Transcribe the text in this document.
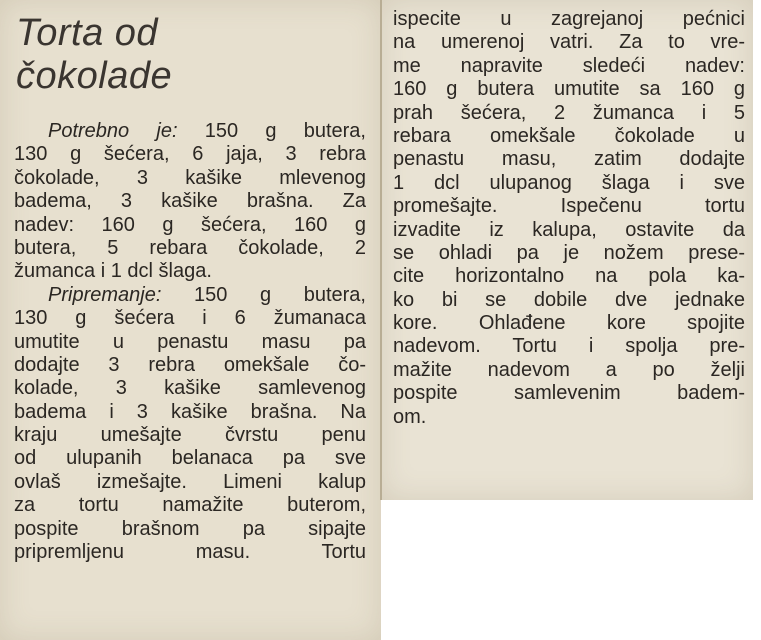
Torta od
čokolade
Potrebno je: 150 g butera,
130 g šećera, 6 jaja, 3 rebra
čokolade, 3 kašike mlevenog
badema, 3 kašike brašna. Za
nadev: 160 g šećera, 160 g
butera, 5 rebara čokolade, 2
žumanca i 1 dcl šlaga.
Pripremanje: 150 g butera,
130 g šećera i 6 žumanaca
umutite u penastu masu pa
dodajte 3 rebra omekšale čo-
kolade, 3 kašike samlevenog
badema i 3 kašike brašna. Na
kraju umešajte čvrstu penu
od ulupanih belanaca pa sve
ovlaš izmešajte. Limeni kalup
za tortu namažite buterom,
pospite brašnom pa sipajte
pripremljenu masu. Tortu
ispecite u zagrejanoj pećnici
na umerenoj vatri. Za to vre-
me napravite sledeći nadev:
160 g butera umutite sa 160 g
prah šećera, 2 žumanca i 5
rebara omekšale čokolade u
penastu masu, zatim dodajte
1 dcl ulupanog šlaga i sve
promešajte. Ispečenu tortu
izvadite iz kalupa, ostavite da
se ohladi pa je nožem prese-
cite horizontalno na pola ka-
ko bi se dobile dve jednake
kore. Ohlađene kore spojite
nadevom. Tortu i spolja pre-
mažite nadevom a po želji
pospite samlevenim badem-
om.
